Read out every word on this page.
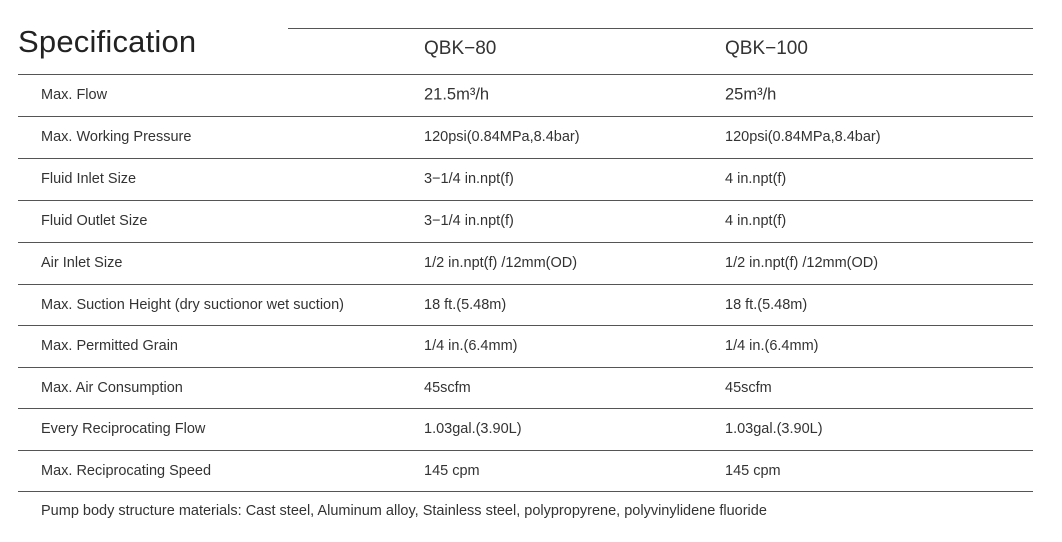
Specification	QBK−80	QBK−100
Max. Flow	21.5m³/h	25m³/h
Max. Working Pressure	120psi(0.84MPa,8.4bar)	120psi(0.84MPa,8.4bar)
Fluid Inlet Size	3−1/4 in.npt(f)	4 in.npt(f)
Fluid Outlet Size	3−1/4 in.npt(f)	4 in.npt(f)
Air Inlet Size	1/2 in.npt(f) /12mm(OD)	1/2 in.npt(f) /12mm(OD)
Max. Suction Height (dry suctionor wet suction)	18 ft.(5.48m)	18 ft.(5.48m)
Max. Permitted Grain	1/4 in.(6.4mm)	1/4 in.(6.4mm)
Max. Air Consumption	45scfm	45scfm
Every Reciprocating Flow	1.03gal.(3.90L)	1.03gal.(3.90L)
Max. Reciprocating Speed	145 cpm	145 cpm
Pump body structure materials: Cast steel, Aluminum alloy, Stainless steel, polypropyrene, polyvinylidene fluoride
